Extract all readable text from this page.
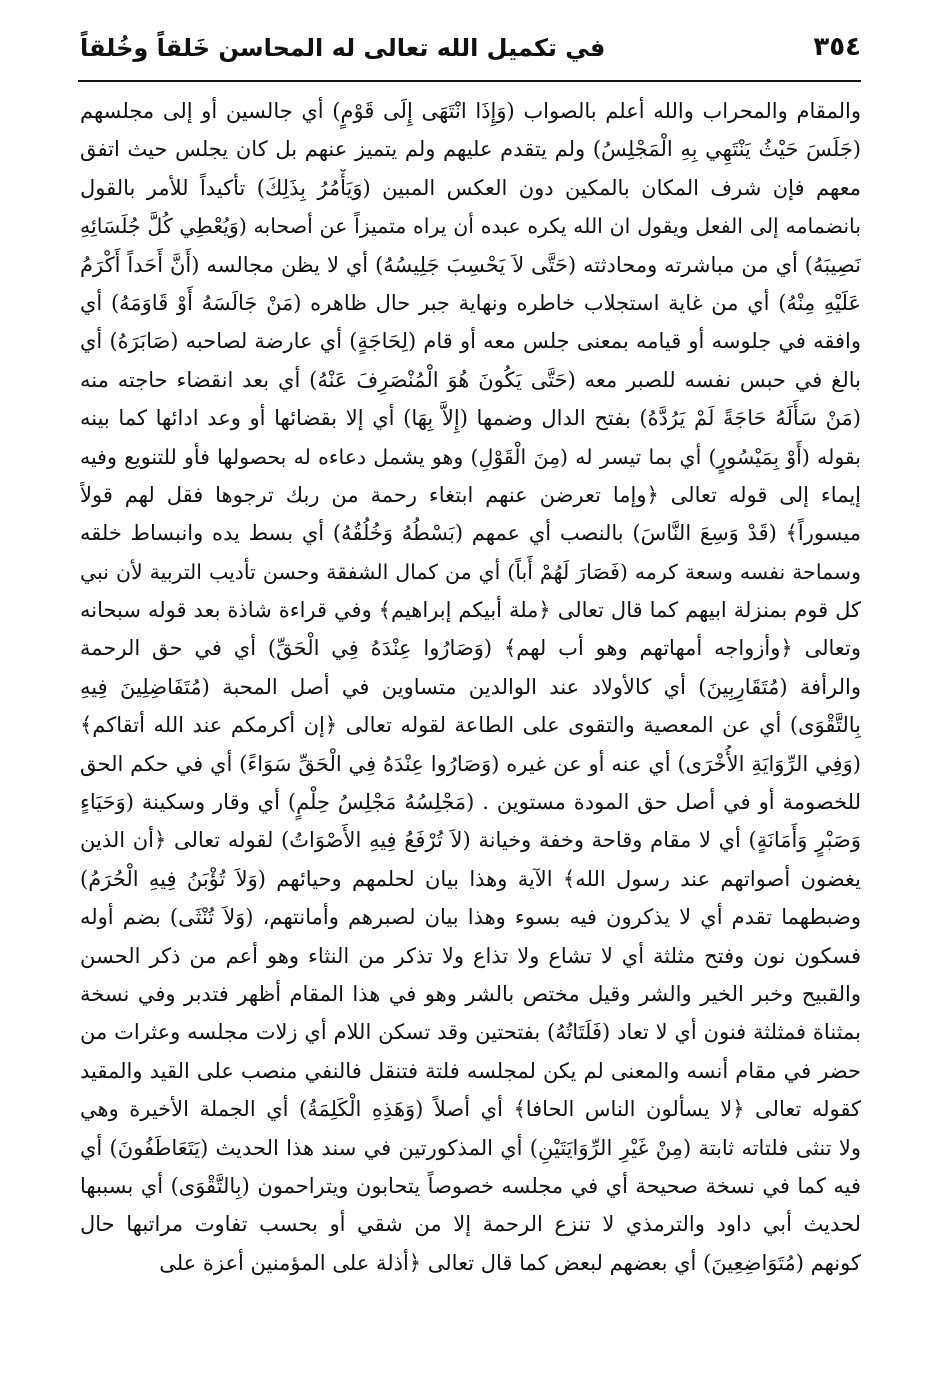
٣٥٤
في تكميل الله تعالى له المحاسن خَلقاً وخُلقاً
والمقام والمحراب والله أعلم بالصواب (وَإِذَا انْتَهَى إِلَى قَوْمٍ) أي جالسين أو إلى مجلسهم
(جَلَسَ حَيْثُ يَنْتَهِي بِهِ الْمَجْلِسُ) ولم يتقدم عليهم ولم يتميز عنهم بل كان يجلس حيث اتفق
معهم فإن شرف المكان بالمكين دون العكس المبين (وَيَأْمُرُ بِذَلِكَ) تأكيداً للأمر بالقول
بانضمامه إلى الفعل ويقول ان الله يكره عبده أن يراه متميزاً عن أصحابه (وَيُعْطِي كُلَّ جُلَسَائِهِ
نَصِيبَهُ) أي من مباشرته ومحادثته (حَتَّى لاَ يَحْسِبَ جَلِيسُهُ) أي لا يظن مجالسه (أَنَّ أَحَداً أَكْرَمُ
عَلَيْهِ مِنْهُ) أي من غاية استجلاب خاطره ونهاية جبر حال ظاهره (مَنْ جَالَسَهُ أَوْ قَاوَمَهُ) أي
وافقه في جلوسه أو قيامه بمعنى جلس معه أو قام (لِحَاجَةٍ) أي عارضة لصاحبه (صَابَرَهُ) أي
بالغ في حبس نفسه للصبر معه (حَتَّى يَكُونَ هُوَ الْمُنْصَرِفَ عَنْهُ) أي بعد انقضاء حاجته منه
(مَنْ سَأَلَهُ حَاجَةً لَمْ يَرُدَّهُ) بفتح الدال وضمها (إِلاَّ بِهَا) أي إلا بقضائها أو وعد ادائها كما بينه
بقوله (أَوْ بِمَيْسُورٍ) أي بما تيسر له (مِنَ الْقَوْلِ) وهو يشمل دعاءه له بحصولها فأو للتنويع وفيه
إيماء إلى قوله تعالى ﴿وإما تعرضن عنهم ابتغاء رحمة من ربك ترجوها فقل لهم قولاً
ميسوراً﴾ (قَدْ وَسِعَ النَّاسَ) بالنصب أي عمهم (بَسْطُهُ وَخُلُقُهُ) أي بسط يده وانبساط خلقه
وسماحة نفسه وسعة كرمه (فَصَارَ لَهُمْ أَباً) أي من كمال الشفقة وحسن تأديب التربية لأن نبي
كل قوم بمنزلة ابيهم كما قال تعالى ﴿ملة أبيكم إبراهيم﴾ وفي قراءة شاذة بعد قوله سبحانه
وتعالى ﴿وأزواجه أمهاتهم وهو أب لهم﴾ (وَصَارُوا عِنْدَهُ فِي الْحَقِّ) أي في حق الرحمة
والرأفة (مُتَقَارِبِينَ) أي كالأولاد عند الوالدين متساوين في أصل المحبة (مُتَفَاضِلِينَ فِيهِ
بِالتَّقْوَى) أي عن المعصية والتقوى على الطاعة لقوله تعالى ﴿إن أكرمكم عند الله أتقاكم﴾
(وَفِي الرِّوَايَةِ الأُخْرَى) أي عنه أو عن غيره (وَصَارُوا عِنْدَهُ فِي الْحَقِّ سَوَاءً) أي في حكم الحق
للخصومة أو في أصل حق المودة مستوين . (مَجْلِسُهُ مَجْلِسُ حِلْمٍ) أي وقار وسكينة (وَحَيَاءٍ
وَصَبْرٍ وَأَمَانَةٍ) أي لا مقام وقاحة وخفة وخيانة (لاَ تُرْفَعُ فِيهِ الأَصْوَاتُ) لقوله تعالى ﴿أن الذين
يغضون أصواتهم عند رسول الله﴾ الآية وهذا بيان لحلمهم وحيائهم (وَلاَ تُؤْبَنُ فِيهِ الْحُرَمُ)
وضبطهما تقدم أي لا يذكرون فيه بسوء وهذا بيان لصبرهم وأمانتهم، (وَلاَ تُنْثَى) بضم أوله
فسكون نون وفتح مثلثة أي لا تشاع ولا تذاع ولا تذكر من النثاء وهو أعم من ذكر الحسن
والقبيح وخبر الخير والشر وقيل مختص بالشر وهو في هذا المقام أظهر فتدبر وفي نسخة
بمثناة فمثلثة فنون أي لا تعاد (فَلَتَاتُهُ) بفتحتين وقد تسكن اللام أي زلات مجلسه وعثرات من
حضر في مقام أنسه والمعنى لم يكن لمجلسه فلتة فتنقل فالنفي منصب على القيد والمقيد
كقوله تعالى ﴿لا يسألون الناس الحافا﴾ أي أصلاً (وَهَذِهِ الْكَلِمَةُ) أي الجملة الأخيرة وهي
ولا تنثى فلتاته ثابتة (مِنْ غَيْرِ الرِّوَايَتَيْنِ) أي المذكورتين في سند هذا الحديث (يَتَعَاطَفُونَ) أي
فيه كما في نسخة صحيحة أي في مجلسه خصوصاً يتحابون ويتراحمون (بِالتَّقْوَى) أي بسببها
لحديث أبي داود والترمذي لا تنزع الرحمة إلا من شقي أو بحسب تفاوت مراتبها حال
كونهم (مُتَوَاضِعِينَ) أي بعضهم لبعض كما قال تعالى ﴿أذلة على المؤمنين أعزة على
